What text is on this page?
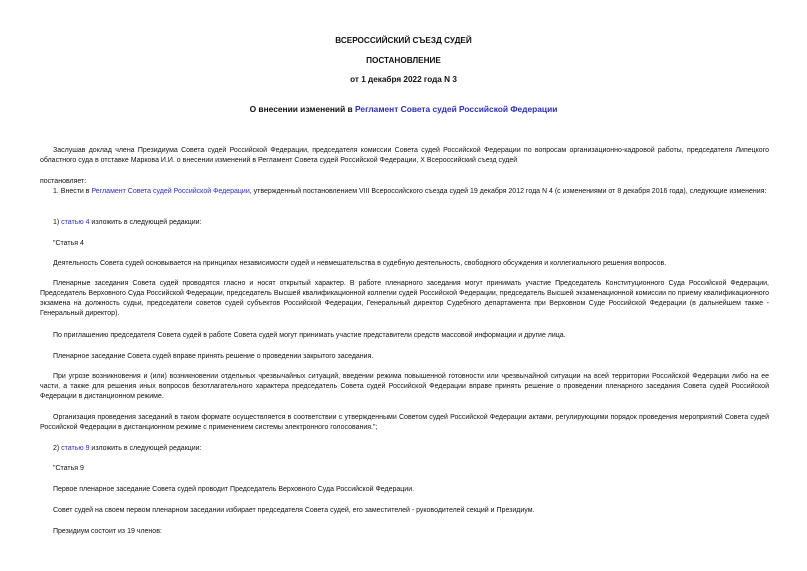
ВСЕРОССИЙСКИЙ СЪЕЗД СУДЕЙ

ПОСТАНОВЛЕНИЕ

от 1 декабря 2022 года N 3

О внесении изменений в Регламент Совета судей Российской Федерации

Заслушав доклад члена Президиума Совета судей Российской Федерации, председателя комиссии Совета судей Российской Федерации по вопросам организационно-кадровой работы, председателя Липецкого областного суда в отставке Маркова И.И. о внесении изменений в Регламент Совета судей Российской Федерации, X Всероссийский съезд судей

постановляет:

1. Внести в Регламент Совета судей Российской Федерации, утвержденный постановлением VIII Всероссийского съезда судей 19 декабря 2012 года N 4 (с изменениями от 8 декабря 2016 года), следующие изменения:

1) статью 4 изложить в следующей редакции:

"Статья 4

Деятельность Совета судей основывается на принципах независимости судей и невмешательства в судебную деятельность, свободного обсуждения и коллегиального решения вопросов.

Пленарные заседания Совета судей проводятся гласно и носят открытый характер. В работе пленарного заседания могут принимать участие Председатель Конституционного Суда Российской Федерации, Председатель Верховного Суда Российской Федерации, председатель Высшей квалификационной коллегии судей Российской Федерации, председатель Высшей экзаменационной комиссии по приему квалификационного экзамена на должность судьи, председатели советов судей субъектов Российской Федерации, Генеральный директор Судебного департамента при Верховном Суде Российской Федерации (в дальнейшем также - Генеральный директор).

По приглашению председателя Совета судей в работе Совета судей могут принимать участие представители средств массовой информации и другие лица.

Пленарное заседание Совета судей вправе принять решение о проведении закрытого заседания.

При угрозе возникновения и (или) возникновении отдельных чрезвычайных ситуаций, введении режима повышенной готовности или чрезвычайной ситуации на всей территории Российской Федерации либо на ее части, а также для решения иных вопросов безотлагательного характера председатель Совета судей Российской Федерации вправе принять решение о проведении пленарного заседания Совета судей Российской Федерации в дистанционном режиме.

Организация проведения заседаний в таком формате осуществляется в соответствии с утвержденными Советом судей Российской Федерации актами, регулирующими порядок проведения мероприятий Совета судей Российской Федерации в дистанционном режиме с применением системы электронного голосования.";

2) статью 9 изложить в следующей редакции:

"Статья 9

Первое пленарное заседание Совета судей проводит Председатель Верховного Суда Российской Федерации.

Совет судей на своем первом пленарном заседании избирает председателя Совета судей, его заместителей - руководителей секций и Президиум.

Президиум состоит из 19 членов:
